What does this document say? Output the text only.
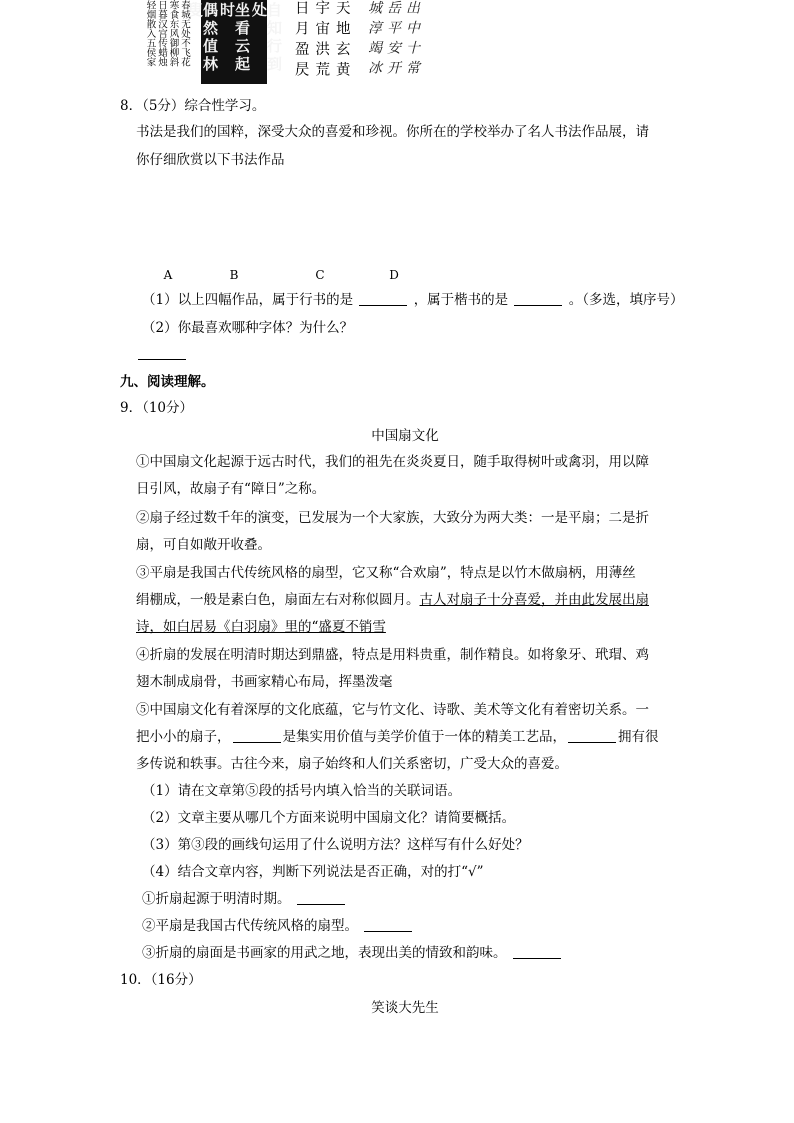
8．（5分）综合性学习。
书法是我们的国粹，深受大众的喜爱和珍视。你所在的学校举办了名人书法作品展，请
你仔细欣赏以下书法作品
春城无处不飞花
寒食东风御柳斜
日暮汉宫传蜡烛
轻烟散入五侯家	自知行到处
坐看云起时
偶然值林叟	天地玄黄
宇宙洪荒
日月盈昃	出中十常
岳平安开
城淳竭冰
A	B	C	D
（1）以上四幅作品，属于行书的是	，属于楷书的是	。（多选，填序号）
（2）你最喜欢哪种字体？为什么？
九、阅读理解。
9．（10分）
中国扇文化
①中国扇文化起源于远古时代，我们的祖先在炎炎夏日，随手取得树叶或禽羽，用以障
日引风，故扇子有“障日”之称。
②扇子经过数千年的演变，已发展为一个大家族，大致分为两大类：一是平扇；二是折
扇，可自如敞开收叠。
③平扇是我国古代传统风格的扇型，它又称“合欢扇”，特点是以竹木做扇柄，用薄丝
绢棚成，一般是素白色，扇面左右对称似圆月。古人对扇子十分喜爱，并由此发展出扇
诗，如白居易《白羽扇》里的“盛夏不销雪
④折扇的发展在明清时期达到鼎盛，特点是用料贵重，制作精良。如将象牙、玳瑁、鸡
翅木制成扇骨，书画家精心布局，挥墨泼毫
⑤中国扇文化有着深厚的文化底蕴，它与竹文化、诗歌、美术等文化有着密切关系。一
把小小的扇子，	是集实用价值与美学价值于一体的精美工艺品，	拥有很
多传说和轶事。古往今来，扇子始终和人们关系密切，广受大众的喜爱。
（1）请在文章第⑤段的括号内填入恰当的关联词语。
（2）文章主要从哪几个方面来说明中国扇文化？请简要概括。
（3）第③段的画线句运用了什么说明方法？这样写有什么好处？
（4）结合文章内容，判断下列说法是否正确，对的打“√”
①折扇起源于明清时期。
②平扇是我国古代传统风格的扇型。
③折扇的扇面是书画家的用武之地，表现出美的情致和韵味。
10．（16分）
笑谈大先生
